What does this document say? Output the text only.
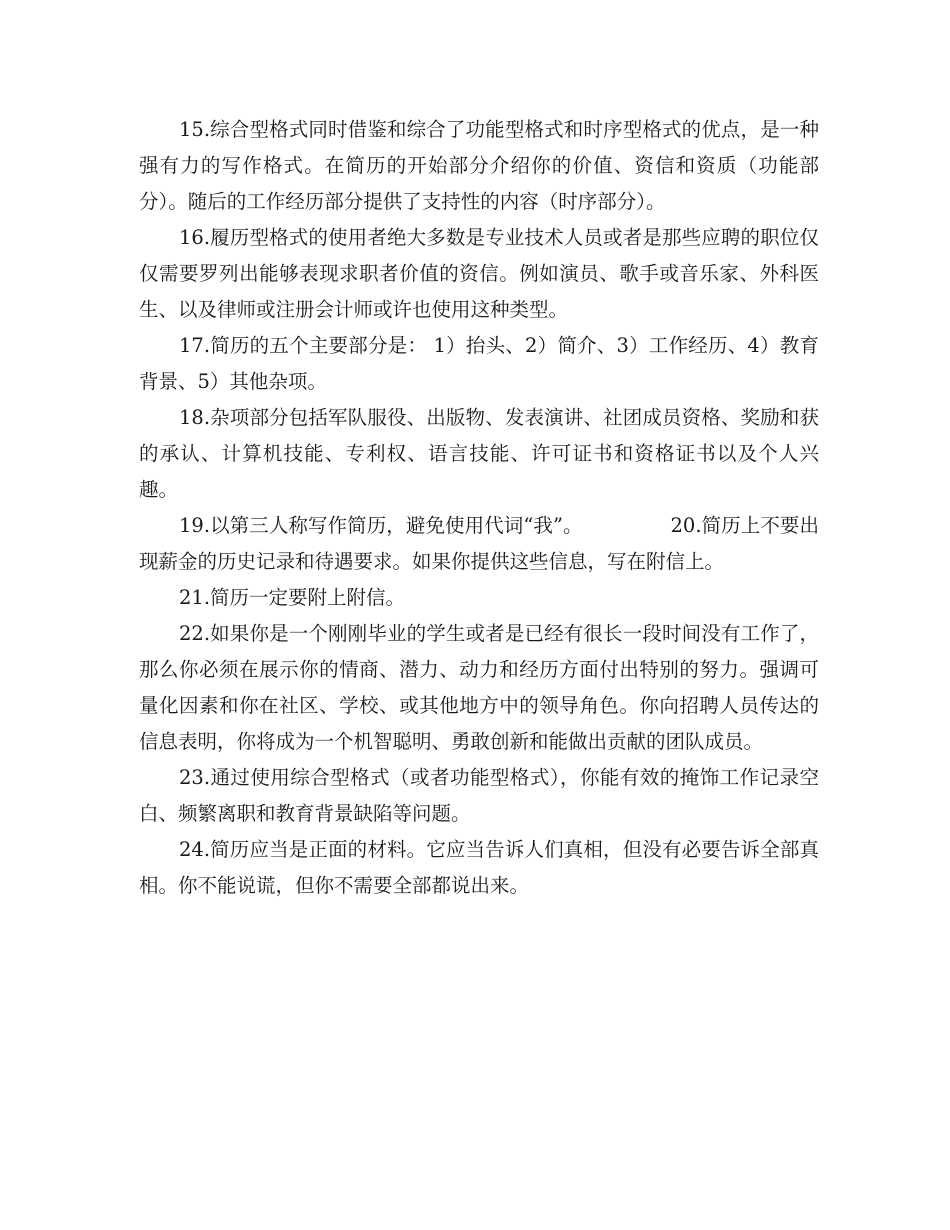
15.综合型格式同时借鉴和综合了功能型格式和时序型格式的优点，是一种强有力的写作格式。在简历的开始部分介绍你的价值、资信和资质（功能部分）。随后的工作经历部分提供了支持性的内容（时序部分）。

16.履历型格式的使用者绝大多数是专业技术人员或者是那些应聘的职位仅仅需要罗列出能够表现求职者价值的资信。例如演员、歌手或音乐家、外科医生、以及律师或注册会计师或许也使用这种类型。

17.简历的五个主要部分是： 1）抬头、2）简介、3）工作经历、4）教育背景、5）其他杂项。

18.杂项部分包括军队服役、出版物、发表演讲、社团成员资格、奖励和获的承认、计算机技能、专利权、语言技能、许可证书和资格证书以及个人兴趣。

19.以第三人称写作简历，避免使用代词“我”。              20.简历上不要出现薪金的历史记录和待遇要求。如果你提供这些信息，写在附信上。

21.简历一定要附上附信。

22.如果你是一个刚刚毕业的学生或者是已经有很长一段时间没有工作了，那么你必须在展示你的情商、潜力、动力和经历方面付出特别的努力。强调可量化因素和你在社区、学校、或其他地方中的领导角色。你向招聘人员传达的信息表明，你将成为一个机智聪明、勇敢创新和能做出贡献的团队成员。

23.通过使用综合型格式（或者功能型格式），你能有效的掩饰工作记录空白、频繁离职和教育背景缺陷等问题。

24.简历应当是正面的材料。它应当告诉人们真相，但没有必要告诉全部真相。你不能说谎，但你不需要全部都说出来。
